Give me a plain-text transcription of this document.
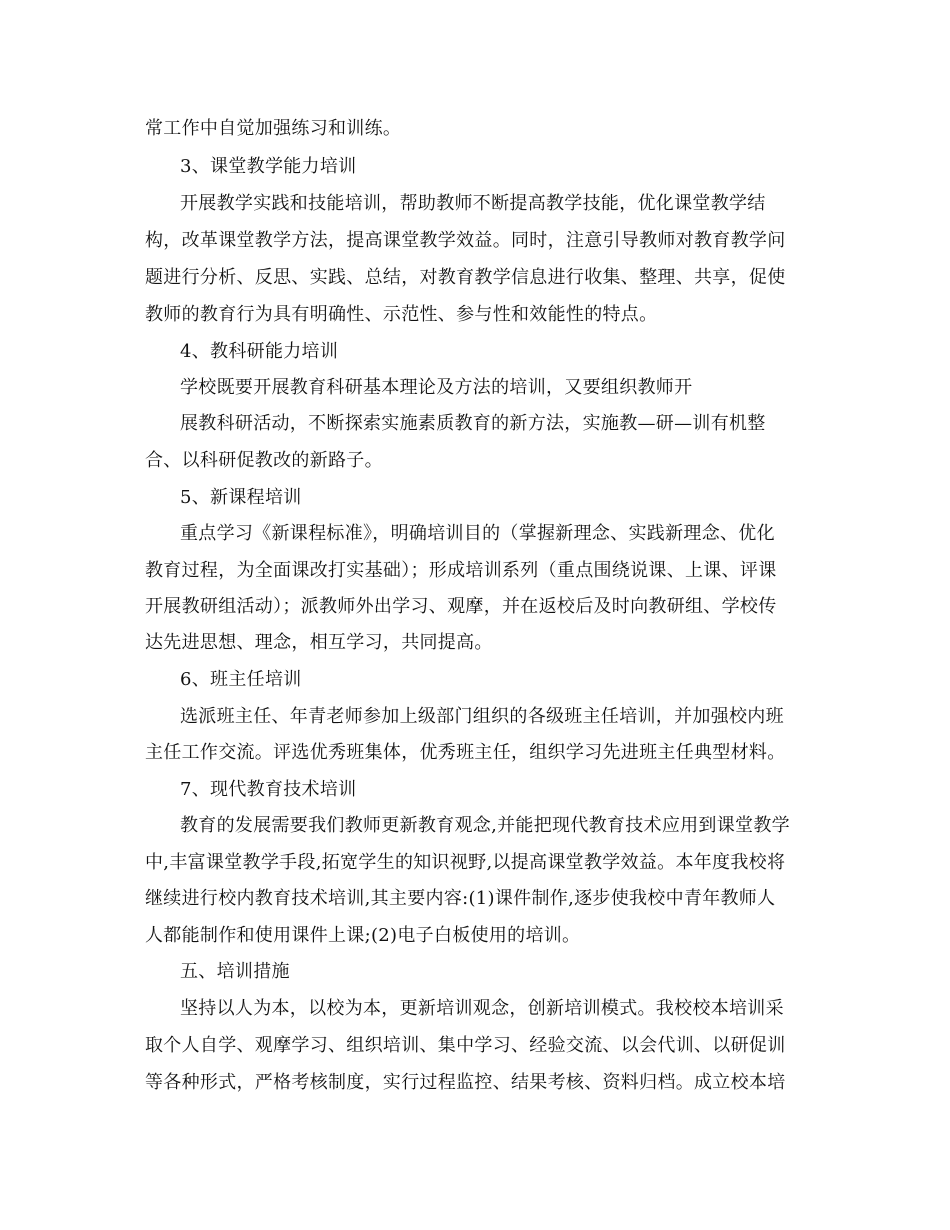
常工作中自觉加强练习和训练。
3、课堂教学能力培训
开展教学实践和技能培训，帮助教师不断提高教学技能，优化课堂教学结
构，改革课堂教学方法，提高课堂教学效益。同时，注意引导教师对教育教学问
题进行分析、反思、实践、总结，对教育教学信息进行收集、整理、共享，促使
教师的教育行为具有明确性、示范性、参与性和效能性的特点。
4、教科研能力培训
学校既要开展教育科研基本理论及方法的培训，又要组织教师开
展教科研活动，不断探索实施素质教育的新方法，实施教—研—训有机整
合、以科研促教改的新路子。
5、新课程培训
重点学习《新课程标准》，明确培训目的（掌握新理念、实践新理念、优化
教育过程，为全面课改打实基础）；形成培训系列（重点围绕说课、上课、评课
开展教研组活动）；派教师外出学习、观摩，并在返校后及时向教研组、学校传
达先进思想、理念，相互学习，共同提高。
6、班主任培训
选派班主任、年青老师参加上级部门组织的各级班主任培训，并加强校内班
主任工作交流。评选优秀班集体，优秀班主任，组织学习先进班主任典型材料。
7、现代教育技术培训
教育的发展需要我们教师更新教育观念,并能把现代教育技术应用到课堂教学
中,丰富课堂教学手段,拓宽学生的知识视野,以提高课堂教学效益。本年度我校将
继续进行校内教育技术培训,其主要内容:(1)课件制作,逐步使我校中青年教师人
人都能制作和使用课件上课;(2)电子白板使用的培训。
五、培训措施
坚持以人为本，以校为本，更新培训观念，创新培训模式。我校校本培训采
取个人自学、观摩学习、组织培训、集中学习、经验交流、以会代训、以研促训
等各种形式，严格考核制度，实行过程监控、结果考核、资料归档。成立校本培
